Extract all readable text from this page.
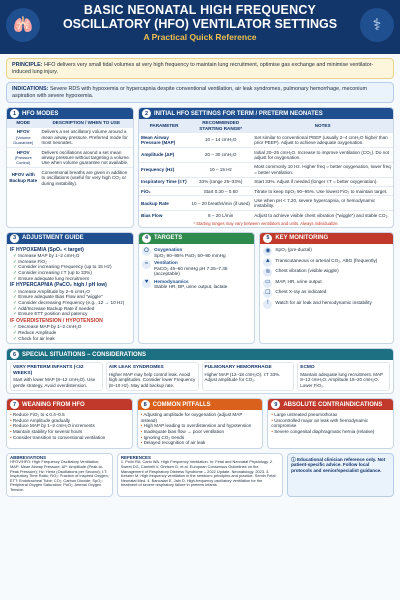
🫁
BASIC NEONATAL HIGH FREQUENCY
OSCILLATORY (HFO) VENTILATOR SETTINGS
A Practical Quick Reference
⚕
PRINCIPLE: HFO delivers very small tidal volumes at very high frequency to maintain lung recruitment, optimise gas exchange and minimise ventilator-induced lung injury.
INDICATIONS: Severe RDS with hypoxemia or hypercapnia despite conventional ventilation, air leak syndromes, pulmonary hemorrhage, meconium aspiration with severe hypoxemia.
1 HFO MODES
MODE	DESCRIPTION / WHEN TO USE

HFOV
(Volume Guarantee)	Delivers a set oscillatory volume around a mean airway pressure. Preferred mode for most neonates.

HFOV
(Pressure Control)	Delivers oscillations around a set mean airway pressure without targeting a volume. Use when volume guarantee not available.
HFOV with Backup Rate	Conventional breaths are given in addition to oscillations (useful for very high CO₂ or during instability).
2 INITIAL HFO SETTINGS FOR TERM / PRETERM NEONATES
PARAMETER	RECOMMENDED STARTING RANGE*	NOTES
Mean Airway Pressure (MAP)	10 – 14 cmH₂O	Set similar to conventional PEEP (usually 2–4 cmH₂O higher than prior PEEP). Adjust to achieve adequate oxygenation.
Amplitude (ΔP)	20 – 30 cmH₂O	Initial 20–25 cmH₂O. Increase to improve ventilation (CO₂). Do not adjust for oxygenation.
Frequency (Hz)	10 – 15 Hz	Most commonly 10 Hz. Higher freq = better oxygenation, lower freq = better ventilation.
Inspiratory Time (I:T)	33% (range 25–33%)	Start 33%. Adjust if needed (longer I:T = better oxygenation).
FiO₂	Start 0.30 – 0.60	Titrate to keep SpO₂ 90–95%. Use lowest FiO₂ to maintain target.
Backup Rate	10 – 20 breaths/min (if used)	Use when pH < 7.20, severe hypercapnia, or hemodynamic instability.
Bias Flow	8 – 20 L/min	Adjust to achieve visible chest vibration ("wiggle") and stable CO₂.
* Starting ranges may vary between ventilators and units. Always individualize.
3 ADJUSTMENT GUIDE
IF HYPOXEMIA (SpO₂ < target)
✓ Increase MAP by 1–2 cmH₂O
✓ Increase FiO₂
✓ Consider increasing Frequency (up to 15 Hz)
✓ Consider increasing I:T (up to 33%)
✓ Ensure adequate lung recruitment
IF HYPERCAPNIA (PaCO₂ high / pH low)
✓ Increase Amplitude by 2–5 cmH₂O
✓ Ensure adequate Bias Flow and "wiggle"
✓ Consider decreasing Frequency (e.g., 12 → 10 Hz)
✓ Add/Increase Backup Rate if needed
✓ Ensure ETT position and patency
IF OVERDISTENSION / HYPOTENSION
✓ Decrease MAP by 1–2 cmH₂O
✓ Reduce Amplitude
✓ Check for air leak
4 TARGETS
O	Oxygenation
SpO₂ 90–95% PaO₂ 50–80 mmHg
≈	Ventilation
PaCO₂ 45–60 mmHg pH 7.25–7.35 (acceptable)
♥	Hemodynamics
Stable HR, BP, urine output, lactate
5 KEY MONITORING
◉	SpO₂ (pre-ductal)
▲ Transcutaneous or arterial CO₂, ABG (frequently)
≋	Chest vibration (visible wiggle)
▭ MAP, HR, urine output
☐	Chest X-ray as indicated
!	Watch for air leak and hemodynamic instability
6 SPECIAL SITUATIONS – CONSIDERATIONS
VERY PRETERM INFANTS (<32 WEEKS)
Start with lower MAP (8–12 cmH₂O). Use gentle strategy. Avoid overdistension.
AIR LEAK SYNDROMES
Higher MAP may help control leak. Avoid high amplitudes. Consider lower Frequency (8–10 Hz). May add backup rate.
PULMONARY HEMORRHAGE
Higher MAP (12–18 cmH₂O). I:T 33%. Adjust amplitude for CO₂.
ECMO
Maintain adequate lung recruitment. MAP 8–12 cmH₂O. Amplitude 15–20 cmH₂O. Lower FiO₂.
7 WEANING FROM HFO
• Reduce FiO₂ to ≤ 0.4–0.5
• Reduce Amplitude gradually
• Reduce MAP by 1–2 cmH₂O increments
• Maintain stability for several hours
• Consider transition to conventional ventilation
8 COMMON PITFALLS
• Adjusting amplitude for oxygenation (adjust MAP instead)
• High MAP leading to overdistension and hypotension
• Inadequate bias flow → poor ventilation
• Ignoring CO₂ trends
• Delayed recognition of air leak
9 ABSOLUTE CONTRAINDICATIONS
• Large untreated pneumothorax
• Uncontrolled major air leak with hemodynamic compromise
• Severe congenital diaphragmatic hernia (relative)
ABBREVIATIONS
HFOV/HFO: High Frequency Oscillatory Ventilation; MAP: Mean Airway Pressure; ΔP: Amplitude (Peak-to-Peak Pressure); Hz: Hertz (Oscillations per Second); I:T: Inspiratory Time Ratio; FiO₂: Fraction of Inspired Oxygen; ETT: Endotracheal Tube; CO₂: Carbon Dioxide; SpO₂: Peripheral Oxygen Saturation; PaO₂: Arterial Oxygen Tension
REFERENCES
1. Polin RA, Carlo WA. High Frequency Ventilation. In: Fetal and Neonatal Physiology. 2. Sweet DG, Carnielli V, Greisen G, et al. European Consensus Guidelines on the Management of Respiratory Distress Syndrome – 2022 Update. Neonatology. 2023. 3. Keszler M. High frequency ventilation in the newborn: principles and practice. Semin Fetal Neonatal Med. 4. Bancalari E, Jain D. High-frequency oscillatory ventilation for the treatment of severe respiratory failure in preterm infants.
ⓘ Educational clinician reference only. Not patient-specific advice. Follow local protocols and senior/specialist guidance.
